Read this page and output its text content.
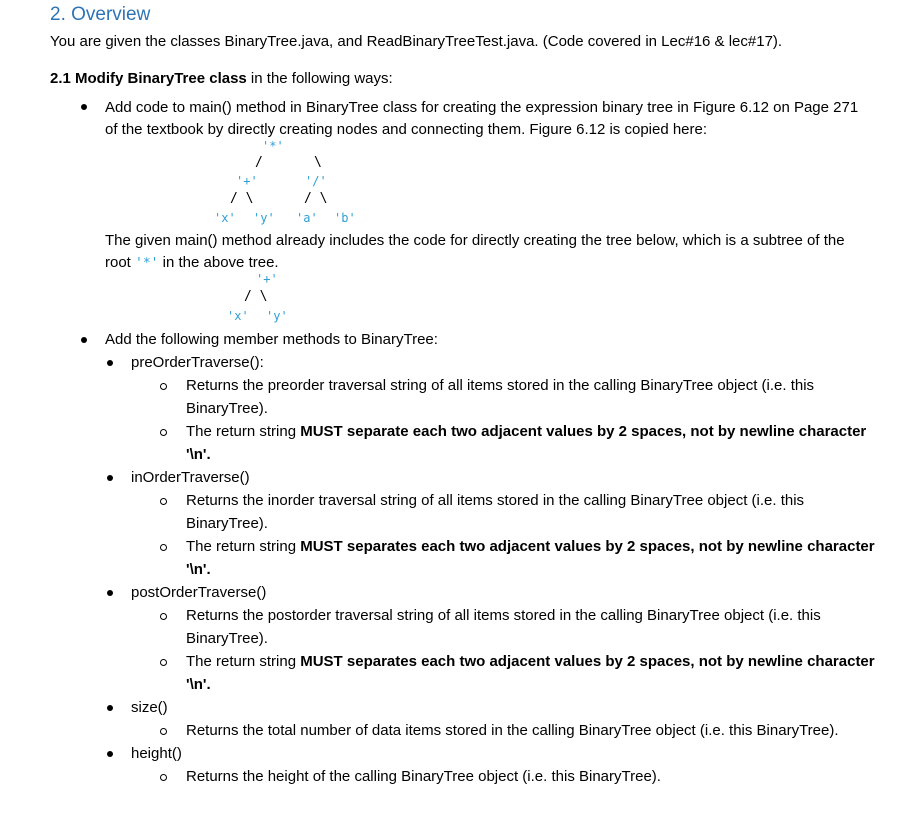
2. Overview
You are given the classes BinaryTree.java, and ReadBinaryTreeTest.java. (Code covered in Lec#16 & lec#17).
2.1 Modify BinaryTree class in the following ways:
Add code to main() method in BinaryTree class for creating the expression binary tree in Figure 6.12 on Page 271
of the textbook by directly creating nodes and connecting them. Figure 6.12 is copied here:
'*'
/	\
'+'	'/'
/ \	/ \
'x' 'y' 'a' 'b'
The given main() method already includes the code for directly creating the tree below, which is a subtree of the
root '*' in the above tree.
'+'
/ \
'x' 'y'
Add the following member methods to BinaryTree:
preOrderTraverse():
Returns the preorder traversal string of all items stored in the calling BinaryTree object (i.e. this
BinaryTree).
The return string MUST separate each two adjacent values by 2 spaces, not by newline character
'\n'.
inOrderTraverse()
Returns the inorder traversal string of all items stored in the calling BinaryTree object (i.e. this
BinaryTree).
The return string MUST separates each two adjacent values by 2 spaces, not by newline character
'\n'.
postOrderTraverse()
Returns the postorder traversal string of all items stored in the calling BinaryTree object (i.e. this
BinaryTree).
The return string MUST separates each two adjacent values by 2 spaces, not by newline character
'\n'.
size()
Returns the total number of data items stored in the calling BinaryTree object (i.e. this BinaryTree).
height()
Returns the height of the calling BinaryTree object (i.e. this BinaryTree).
